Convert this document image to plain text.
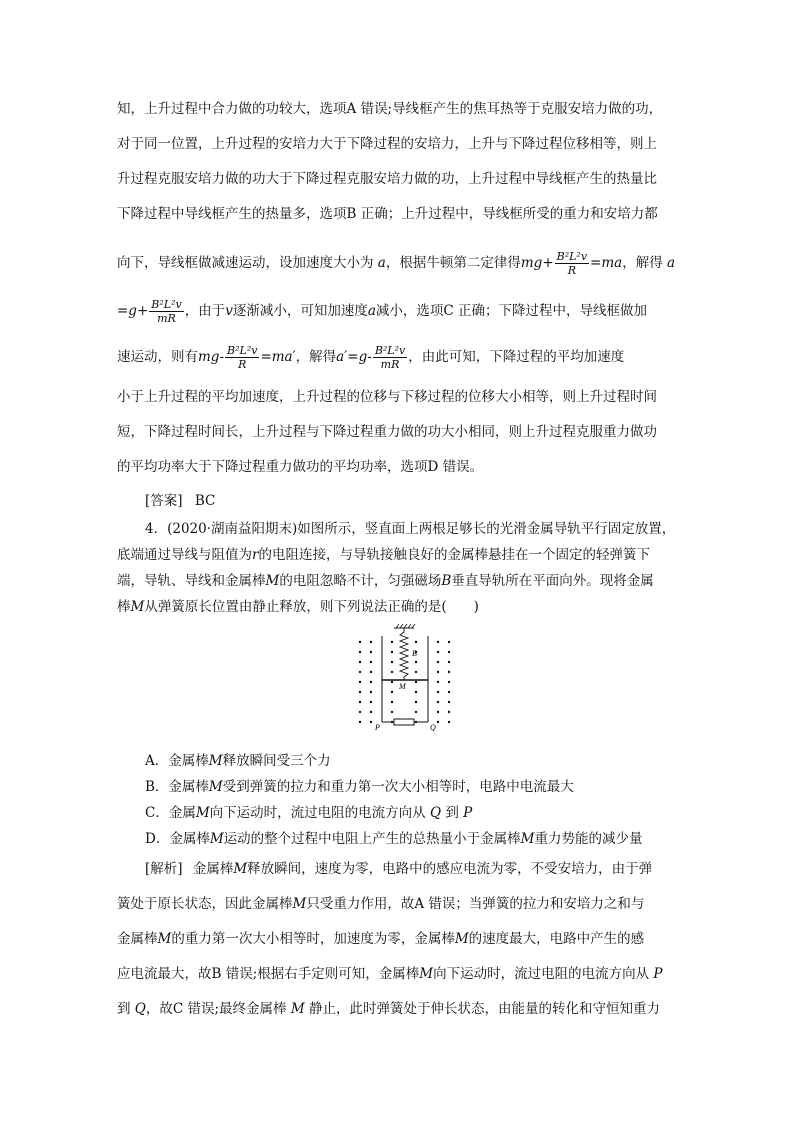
知，上升过程中合力做的功较大，选项A 错误;导线框产生的焦耳热等于克服安培力做的功，
对于同一位置，上升过程的安培力大于下降过程的安培力，上升与下降过程位移相等，则上
升过程克服安培力做的功大于下降过程克服安培力做的功，上升过程中导线框产生的热量比
下降过程中导线框产生的热量多，选项B 正确；上升过程中，导线框所受的重力和安培力都
向下，导线框做减速运动，设加速度大小为 a，根据牛顿第二定律得$mg+ \frac{\text{B²L²v}}{R} =ma$，解得 a
$=g+ \frac{\text{B²L²v}}{mR}$ ，由于v逐渐减小，可知加速度a减小，选项C 正确；下降过程中，导线框做加
速运动，则有$mg- \frac{\text{B²L²v}}{R} =ma'$，解得$a'=g- \frac{\text{B²L²v}}{mR}$ ，由此可知，下降过程的平均加速度
小于上升过程的平均加速度，上升过程的位移与下移过程的位移大小相等，则上升过程时间
短，下降过程时间长，上升过程与下降过程重力做的功大小相同，则上升过程克服重力做功
的平均功率大于下降过程重力做功的平均功率，选项D 错误。
[答案] BC
4．(2020·湖南益阳期末)如图所示，竖直面上两根足够长的光滑金属导轨平行固定放置，
底端通过导线与阻值为r的电阻连接，与导轨接触良好的金属棒悬挂在一个固定的轻弹簧下
端，导轨、导线和金属棒M的电阻忽略不计，匀强磁场B垂直导轨所在平面向外。现将金属
棒M从弹簧原长位置由静止释放，则下列说法正确的是(　　)
B
M
P	Q
A．金属棒M释放瞬间受三个力
B．金属棒M受到弹簧的拉力和重力第一次大小相等时，电路中电流最大
C．金属M向下运动时，流过电阻的电流方向从 Q 到 P
D．金属棒M运动的整个过程中电阻上产生的总热量小于金属棒M重力势能的减少量
[解析] 金属棒M释放瞬间，速度为零，电路中的感应电流为零，不受安培力，由于弹
簧处于原长状态，因此金属棒M只受重力作用，故A 错误；当弹簧的拉力和安培力之和与
金属棒M的重力第一次大小相等时，加速度为零，金属棒M的速度最大，电路中产生的感
应电流最大，故B 错误;根据右手定则可知，金属棒M向下运动时，流过电阻的电流方向从 P
到 Q，故C 错误;最终金属棒 M 静止，此时弹簧处于伸长状态，由能量的转化和守恒知重力
